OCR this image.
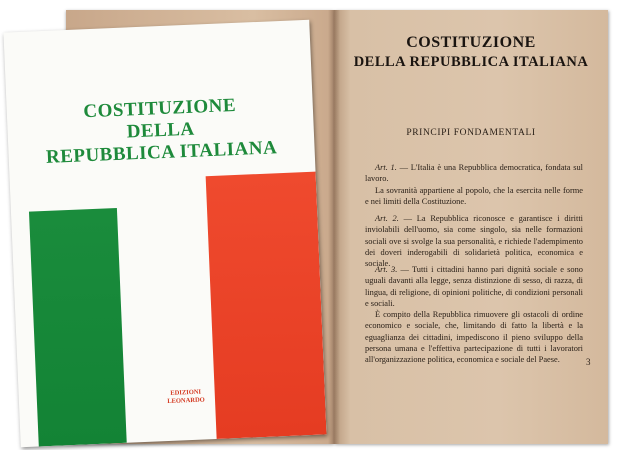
COSTITUZIONE
DELLA REPUBBLICA ITALIANA
PRINCIPI FONDAMENTALI

Art. 1. — L'Italia è una Repubblica democratica, fondata sul lavoro.

La sovranità appartiene al popolo, che la esercita nelle forme e nei limiti della Costituzione.

Art. 2. — La Repubblica riconosce e garantisce i diritti inviolabili dell'uomo, sia come singolo, sia nelle formazioni sociali ove si svolge la sua personalità, e richiede l'adempimento dei doveri inderogabili di solidarietà politica, economica e sociale.

Art. 3. — Tutti i cittadini hanno pari dignità sociale e sono uguali davanti alla legge, senza distinzione di sesso, di razza, di lingua, di religione, di opinioni politiche, di condizioni personali e sociali.

È compito della Repubblica rimuovere gli ostacoli di ordine economico e sociale, che, limitando di fatto la libertà e la eguaglianza dei cittadini, impediscono il pieno sviluppo della persona umana e l'effettiva partecipazione di tutti i lavoratori all'organizzazione politica, economica e sociale del Paese.	3
COSTITUZIONE
DELLA
REPUBBLICA ITALIANA
EDIZIONI
LEONARDO
